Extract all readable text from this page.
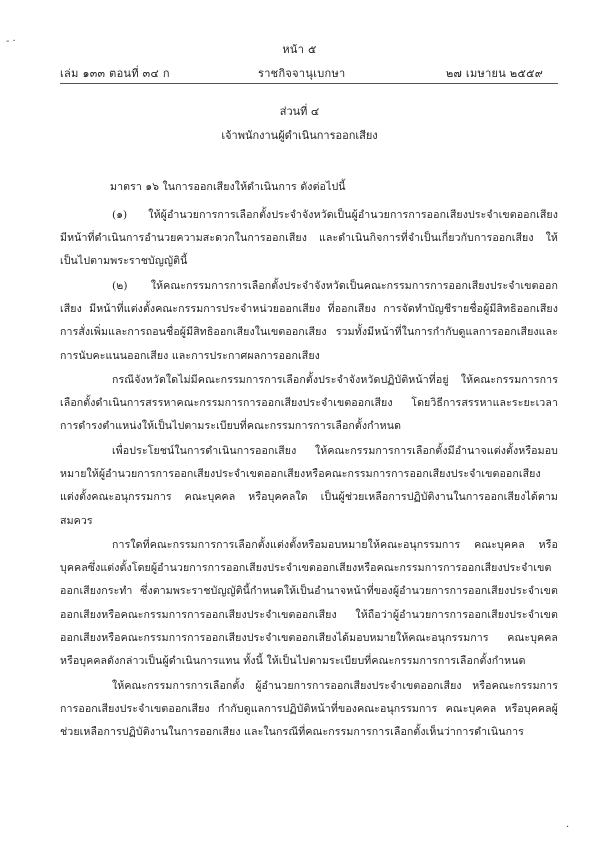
- ·
หน้า ๕
เล่ม ๑๓๓ ตอนที่ ๓๔ ก	ราชกิจจานุเบกษา	๒๗ เมษายน ๒๕๕๙
ส่วนที่ ๔
เจ้าพนักงานผู้ดำเนินการออกเสียง
มาตรา ๑๖ ในการออกเสียงให้ดำเนินการ ดังต่อไปนี้
(๑) ให้ผู้อำนวยการการเลือกตั้งประจำจังหวัดเป็นผู้อำนวยการการออกเสียงประจำเขตออกเสียง มีหน้าที่ดำเนินการอำนวยความสะดวกในการออกเสียง และดำเนินกิจการที่จำเป็นเกี่ยวกับการออกเสียง ให้เป็นไปตามพระราชบัญญัตินี้
(๒) ให้คณะกรรมการการเลือกตั้งประจำจังหวัดเป็นคณะกรรมการการออกเสียงประจำเขตออกเสียง มีหน้าที่แต่งตั้งคณะกรรมการประจำหน่วยออกเสียง ที่ออกเสียง การจัดทำบัญชีรายชื่อผู้มีสิทธิออกเสียง การสั่งเพิ่มและการถอนชื่อผู้มีสิทธิออกเสียงในเขตออกเสียง รวมทั้งมีหน้าที่ในการกำกับดูแลการออกเสียงและการนับคะแนนออกเสียง และการประกาศผลการออกเสียง
กรณีจังหวัดใดไม่มีคณะกรรมการการเลือกตั้งประจำจังหวัดปฏิบัติหน้าที่อยู่ ให้คณะกรรมการการเลือกตั้งดำเนินการสรรหาคณะกรรมการการออกเสียงประจำเขตออกเสียง โดยวิธีการสรรหาและระยะเวลาการดำรงตำแหน่งให้เป็นไปตามระเบียบที่คณะกรรมการการเลือกตั้งกำหนด
เพื่อประโยชน์ในการดำเนินการออกเสียง ให้คณะกรรมการการเลือกตั้งมีอำนาจแต่งตั้งหรือมอบหมายให้ผู้อำนวยการการออกเสียงประจำเขตออกเสียงหรือคณะกรรมการการออกเสียงประจำเขตออกเสียงแต่งตั้งคณะอนุกรรมการ คณะบุคคล หรือบุคคลใด เป็นผู้ช่วยเหลือการปฏิบัติงานในการออกเสียงได้ตามสมควร
การใดที่คณะกรรมการการเลือกตั้งแต่งตั้งหรือมอบหมายให้คณะอนุกรรมการ คณะบุคคล หรือบุคคลซึ่งแต่งตั้งโดยผู้อำนวยการการออกเสียงประจำเขตออกเสียงหรือคณะกรรมการการออกเสียงประจำเขตออกเสียงกระทำ ซึ่งตามพระราชบัญญัตินี้กำหนดให้เป็นอำนาจหน้าที่ของผู้อำนวยการการออกเสียงประจำเขตออกเสียงหรือคณะกรรมการการออกเสียงประจำเขตออกเสียง ให้ถือว่าผู้อำนวยการการออกเสียงประจำเขตออกเสียงหรือคณะกรรมการการออกเสียงประจำเขตออกเสียงได้มอบหมายให้คณะอนุกรรมการ คณะบุคคล หรือบุคคลดังกล่าวเป็นผู้ดำเนินการแทน ทั้งนี้ ให้เป็นไปตามระเบียบที่คณะกรรมการการเลือกตั้งกำหนด
ให้คณะกรรมการการเลือกตั้ง ผู้อำนวยการการออกเสียงประจำเขตออกเสียง หรือคณะกรรมการการออกเสียงประจำเขตออกเสียง กำกับดูแลการปฏิบัติหน้าที่ของคณะอนุกรรมการ คณะบุคคล หรือบุคคลผู้ช่วยเหลือการปฏิบัติงานในการออกเสียง และในกรณีที่คณะกรรมการการเลือกตั้งเห็นว่าการดำเนินการ
·
